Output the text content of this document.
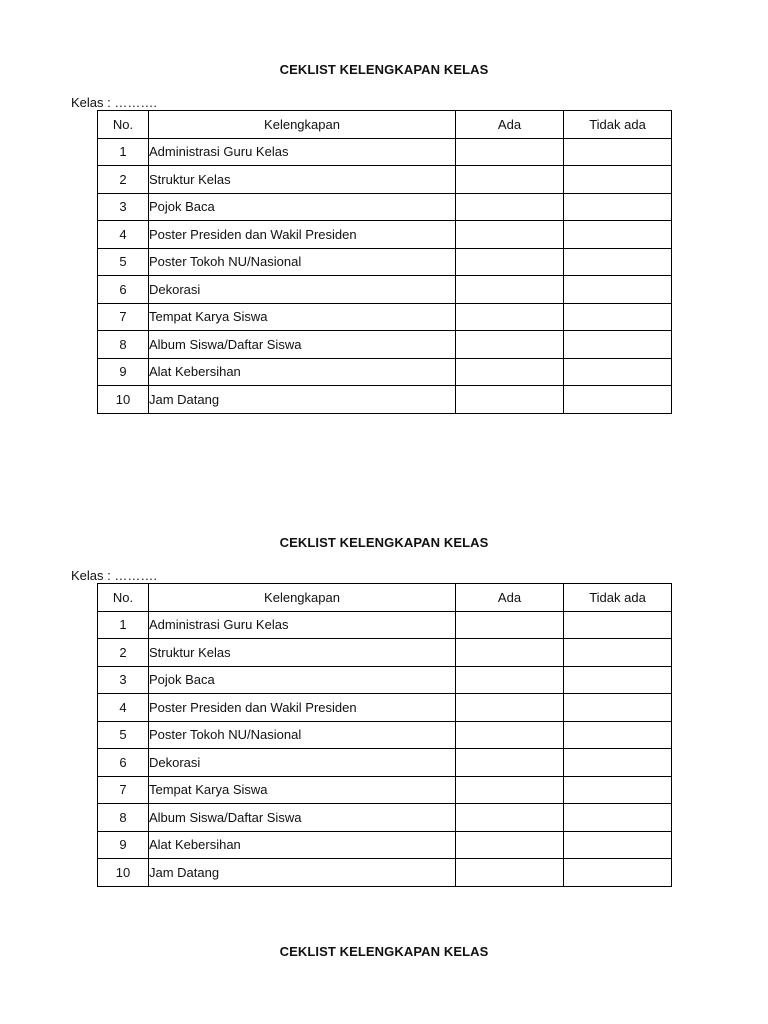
CEKLIST KELENGKAPAN KELAS
Kelas : ……….
No.	Kelengkapan	Ada	Tidak ada
1	Administrasi Guru Kelas		
2	Struktur Kelas		
3	Pojok Baca		
4	Poster Presiden dan Wakil Presiden		
5	Poster Tokoh NU/Nasional		
6	Dekorasi		
7	Tempat Karya Siswa		
8	Album Siswa/Daftar Siswa		
9	Alat Kebersihan		
10	Jam Datang		
CEKLIST KELENGKAPAN KELAS
Kelas : ……….
No.	Kelengkapan	Ada	Tidak ada
1	Administrasi Guru Kelas		
2	Struktur Kelas		
3	Pojok Baca		
4	Poster Presiden dan Wakil Presiden		
5	Poster Tokoh NU/Nasional		
6	Dekorasi		
7	Tempat Karya Siswa		
8	Album Siswa/Daftar Siswa		
9	Alat Kebersihan		
10	Jam Datang		
CEKLIST KELENGKAPAN KELAS
